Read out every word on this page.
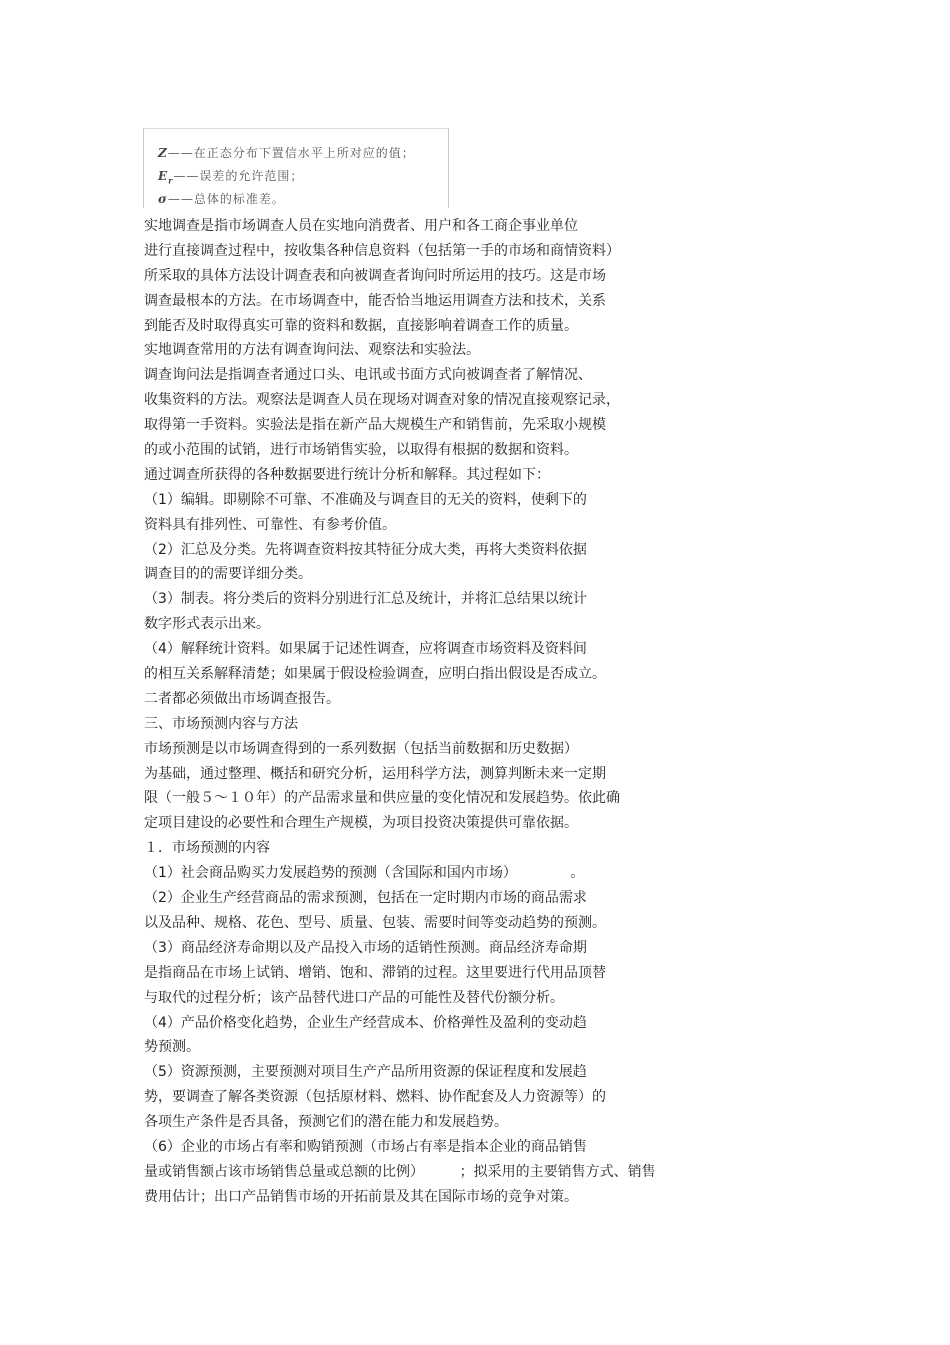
Z——在正态分布下置信水平上所对应的值；
$E_r——$误差的允许范围；
σ——总体的标准差。
实地调查是指市场调查人员在实地向消费者、用户和各工商企事业单位
进行直接调查过程中，按收集各种信息资料（包括第一手的市场和商情资料）
所采取的具体方法设计调查表和向被调查者询问时所运用的技巧。这是市场
调查最根本的方法。在市场调查中，能否恰当地运用调查方法和技术，关系
到能否及时取得真实可靠的资料和数据，直接影响着调查工作的质量。
实地调查常用的方法有调查询问法、观察法和实验法。
调查询问法是指调查者通过口头、电讯或书面方式向被调查者了解情况、
收集资料的方法。观察法是调查人员在现场对调查对象的情况直接观察记录，
取得第一手资料。实验法是指在新产品大规模生产和销售前，先采取小规模
的或小范围的试销，进行市场销售实验，以取得有根据的数据和资料。
通过调查所获得的各种数据要进行统计分析和解释。其过程如下：
（1）编辑。即剔除不可靠、不准确及与调查目的无关的资料，使剩下的
资料具有排列性、可靠性、有参考价值。
（2）汇总及分类。先将调查资料按其特征分成大类，再将大类资料依据
调查目的的需要详细分类。
（3）制表。将分类后的资料分别进行汇总及统计，并将汇总结果以统计
数字形式表示出来。
（4）解释统计资料。如果属于记述性调查，应将调查市场资料及资料间
的相互关系解释清楚；如果属于假设检验调查，应明白指出假设是否成立。
二者都必须做出市场调查报告。
三、市场预测内容与方法
市场预测是以市场调查得到的一系列数据（包括当前数据和历史数据）
为基础，通过整理、概括和研究分析，运用科学方法，测算判断未来一定期
限（一般５～１０年）的产品需求量和供应量的变化情况和发展趋势。依此确
定项目建设的必要性和合理生产规模，为项目投资决策提供可靠依据。
１．市场预测的内容
（1）社会商品购买力发展趋势的预测（含国际和国内市场）            。
（2）企业生产经营商品的需求预测，包括在一定时期内市场的商品需求
以及品种、规格、花色、型号、质量、包装、需要时间等变动趋势的预测。
（3）商品经济寿命期以及产品投入市场的适销性预测。商品经济寿命期
是指商品在市场上试销、增销、饱和、滞销的过程。这里要进行代用品顶替
与取代的过程分析；该产品替代进口产品的可能性及替代份额分析。
（4）产品价格变化趋势，企业生产经营成本、价格弹性及盈利的变动趋
势预测。
（5）资源预测，主要预测对项目生产产品所用资源的保证程度和发展趋
势，要调查了解各类资源（包括原材料、燃料、协作配套及人力资源等）的
各项生产条件是否具备，预测它们的潜在能力和发展趋势。
（6）企业的市场占有率和购销预测（市场占有率是指本企业的商品销售
量或销售额占该市场销售总量或总额的比例）        ；拟采用的主要销售方式、销售
费用估计；出口产品销售市场的开拓前景及其在国际市场的竞争对策。
